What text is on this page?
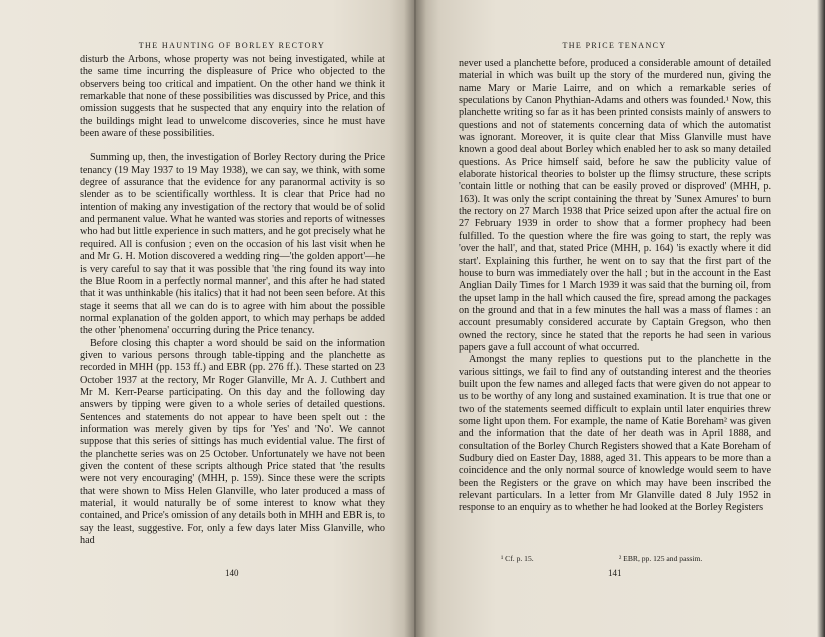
THE HAUNTING OF BORLEY RECTORY

disturb the Arbons, whose property was not being investigated, while at the same time incurring the displeasure of Price who objected to the observers being too critical and impatient. On the other hand we think it remarkable that none of these possibilities was discussed by Price, and this omission suggests that he suspected that any enquiry into the relation of the buildings might lead to unwelcome discoveries, since he must have been aware of these possibilities.

Summing up, then, the investigation of Borley Rectory during the Price tenancy (19 May 1937 to 19 May 1938), we can say, we think, with some degree of assurance that the evidence for any paranormal activity is so slender as to be scientifically worthless. It is clear that Price had no intention of making any investigation of the rectory that would be of solid and permanent value. What he wanted was stories and reports of witnesses who had but little experience in such matters, and he got precisely what he required. All is confusion ; even on the occasion of his last visit when he and Mr G. H. Motion discovered a wedding ring—'the golden apport'—he is very careful to say that it was possible that 'the ring found its way into the Blue Room in a perfectly normal manner', and this after he had stated that it was unthinkable (his italics) that it had not been seen before. At this stage it seems that all we can do is to agree with him about the possible normal explanation of the golden apport, to which may perhaps be added the other 'phenomena' occurring during the Price tenancy.

Before closing this chapter a word should be said on the information given to various persons through table-tipping and the planchette as recorded in MHH (pp. 153 ff.) and EBR (pp. 276 ff.). These started on 23 October 1937 at the rectory, Mr Roger Glanville, Mr A. J. Cuthbert and Mr M. Kerr-Pearse participating. On this day and the following day answers by tipping were given to a whole series of detailed questions. Sentences and statements do not appear to have been spelt out : the information was merely given by tips for 'Yes' and 'No'. We cannot suppose that this series of sittings has much evidential value. The first of the planchette series was on 25 October. Unfortunately we have not been given the content of these scripts although Price stated that 'the results were not very encouraging' (MHH, p. 159). Since these were the scripts that were shown to Miss Helen Glanville, who later produced a mass of material, it would naturally be of some interest to know what they contained, and Price's omission of any details both in MHH and EBR is, to say the least, suggestive. For, only a few days later Miss Glanville, who had

140
THE PRICE TENANCY

never used a planchette before, produced a considerable amount of detailed material in which was built up the story of the murdered nun, giving the name Mary or Marie Lairre, and on which a remarkable series of speculations by Canon Phythian-Adams and others was founded.¹ Now, this planchette writing so far as it has been printed consists mainly of answers to questions and not of statements concerning data of which the automatist was ignorant. Moreover, it is quite clear that Miss Glanville must have known a good deal about Borley which enabled her to ask so many detailed questions. As Price himself said, before he saw the publicity value of elaborate historical theories to bolster up the flimsy structure, these scripts 'contain little or nothing that can be easily proved or disproved' (MHH, p. 163). It was only the script containing the threat by 'Sunex Amures' to burn the rectory on 27 March 1938 that Price seized upon after the actual fire on 27 February 1939 in order to show that a former prophecy had been fulfilled. To the question where the fire was going to start, the reply was 'over the hall', and that, stated Price (MHH, p. 164) 'is exactly where it did start'. Explaining this further, he went on to say that the first part of the house to burn was immediately over the hall ; but in the account in the East Anglian Daily Times for 1 March 1939 it was said that the burning oil, from the upset lamp in the hall which caused the fire, spread among the packages on the ground and that in a few minutes the hall was a mass of flames : an account presumably considered accurate by Captain Gregson, who then owned the rectory, since he stated that the reports he had seen in various papers gave a full account of what occurred.

Amongst the many replies to questions put to the planchette in the various sittings, we fail to find any of outstanding interest and the theories built upon the few names and alleged facts that were given do not appear to us to be worthy of any long and sustained examination. It is true that one or two of the statements seemed difficult to explain until later enquiries threw some light upon them. For example, the name of Katie Boreham² was given and the information that the date of her death was in April 1888, and consultation of the Borley Church Registers showed that a Kate Boreham of Sudbury died on Easter Day, 1888, aged 31. This appears to be more than a coincidence and the only normal source of knowledge would seem to have been the Registers or the grave on which may have been inscribed the relevant particulars. In a letter from Mr Glanville dated 8 July 1952 in response to an enquiry as to whether he had looked at the Borley Registers

¹ Cf. p. 15.	² EBR, pp. 125 and passim.
141
